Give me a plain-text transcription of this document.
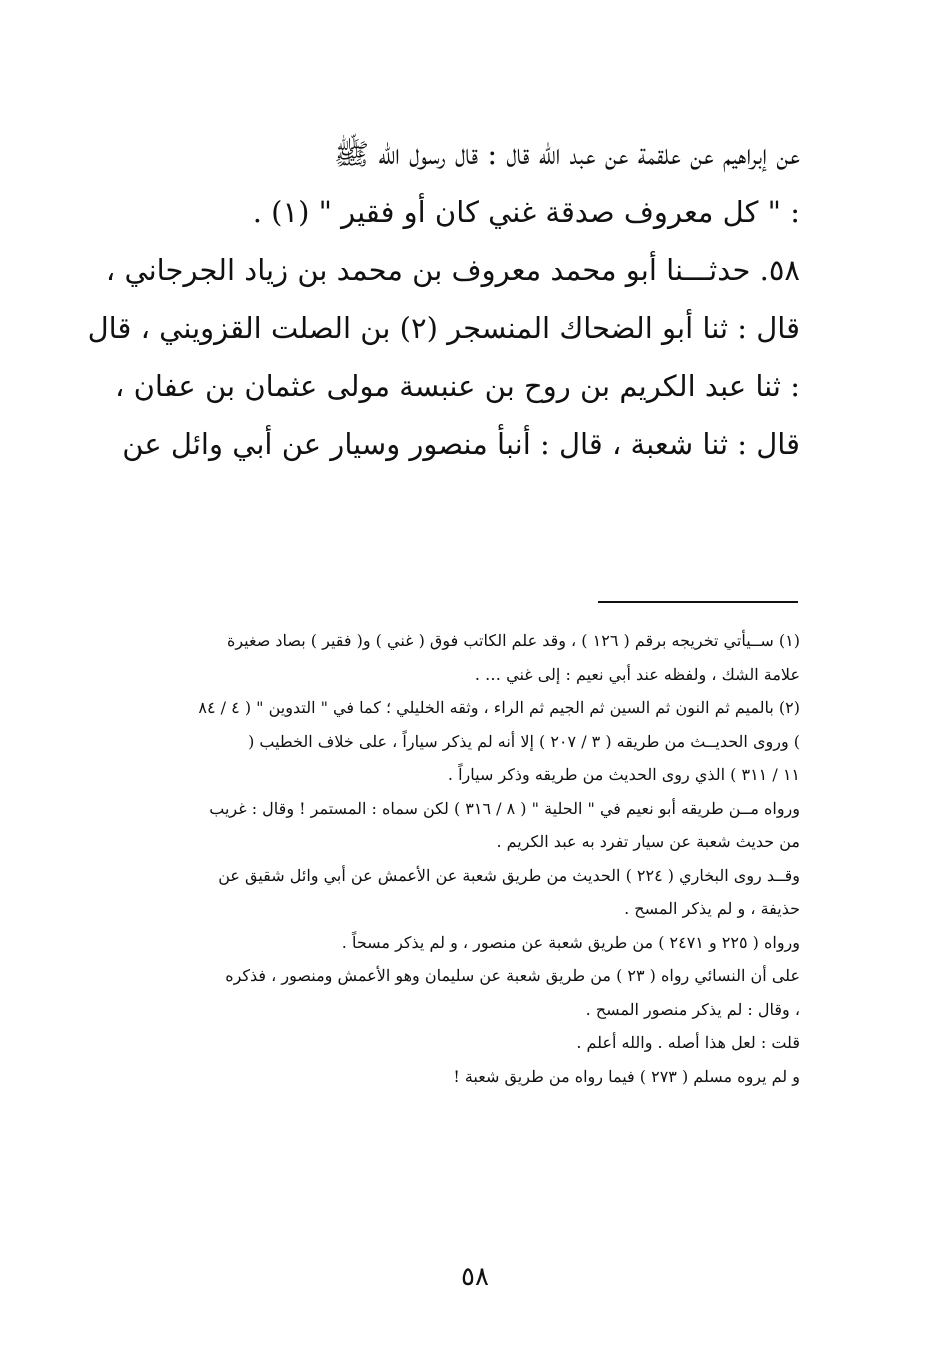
عن إبراهيم عن علقمة عن عبد الله قال : قال رسول الله ﷺ
: " كل معروف صدقة غني كان أو فقير " (١) .
٥٨. حدثـــنا أبو محمد معروف بن محمد بن زياد الجرجاني ،
قال : ثنا أبو الضحاك المنسجر (٢) بن الصلت القزويني ، قال
: ثنا عبد الكريم بن روح بن عنبسة مولى عثمان بن عفان ،
قال : ثنا شعبة ، قال : أنبأ منصور وسيار عن أبي وائل عن
(١) ســيأتي تخريجه برقم ( ١٢٦ ) ، وقد علم الكاتب فوق ( غني ) و( فقير ) بصاد صغيرة
علامة الشك ، ولفظه عند أبي نعيم : إلى غني … .
(٢) بالميم ثم النون ثم السين ثم الجيم ثم الراء ، وثقه الخليلي ؛ كما في " التدوين " ( ٤ / ٨٤
) وروى الحديــث من طريقه ( ٣ / ٢٠٧ ) إلا أنه لم يذكر سياراً ، على خلاف الخطيب (
١١ / ٣١١ ) الذي روى الحديث من طريقه وذكر سياراً .
ورواه مــن طريقه أبو نعيم في " الحلية " ( ٨ / ٣١٦ ) لكن سماه : المستمر ! وقال : غريب
من حديث شعبة عن سيار تفرد به عبد الكريم .
وقــد روى البخاري ( ٢٢٤ ) الحديث من طريق شعبة عن الأعمش عن أبي وائل شقيق عن
حذيفة ، و لم يذكر المسح .
ورواه ( ٢٢٥ و ٢٤٧١ ) من طريق شعبة عن منصور ، و لم يذكر مسحاً .
على أن النسائي رواه ( ٢٣ ) من طريق شعبة عن سليمان وهو الأعمش ومنصور ، فذكره
، وقال : لم يذكر منصور المسح .
قلت : لعل هذا أصله . والله أعلم .
و لم يروه مسلم ( ٢٧٣ ) فيما رواه من طريق شعبة !
٥٨
